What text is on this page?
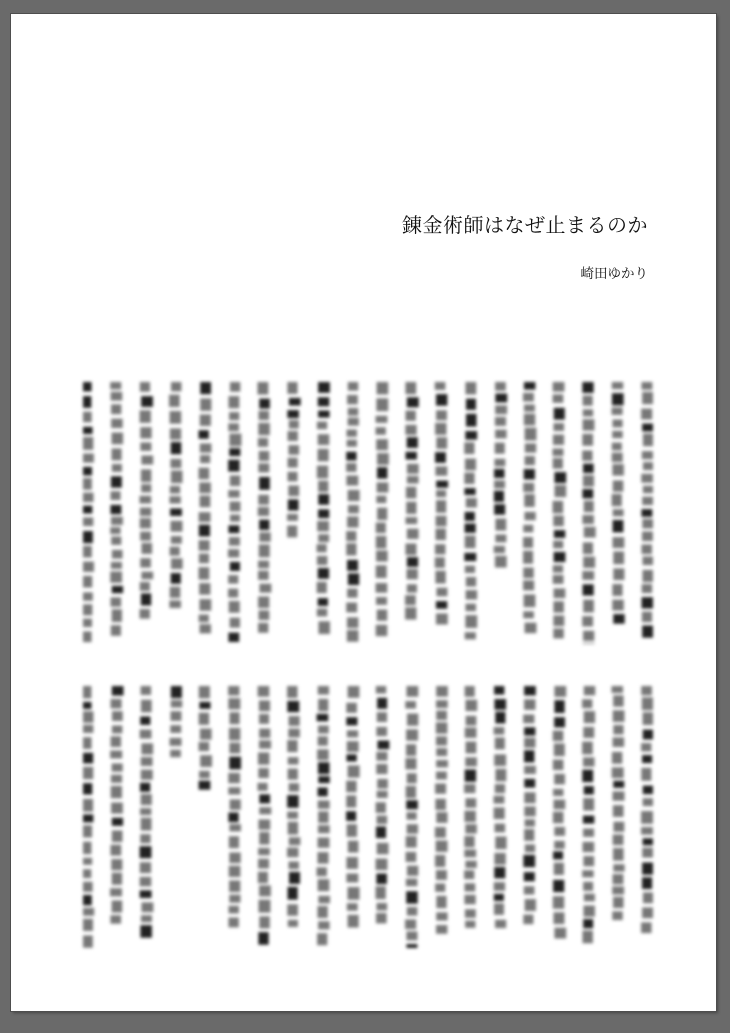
錬金術師はなぜ止まるのか
崎田ゆかり
